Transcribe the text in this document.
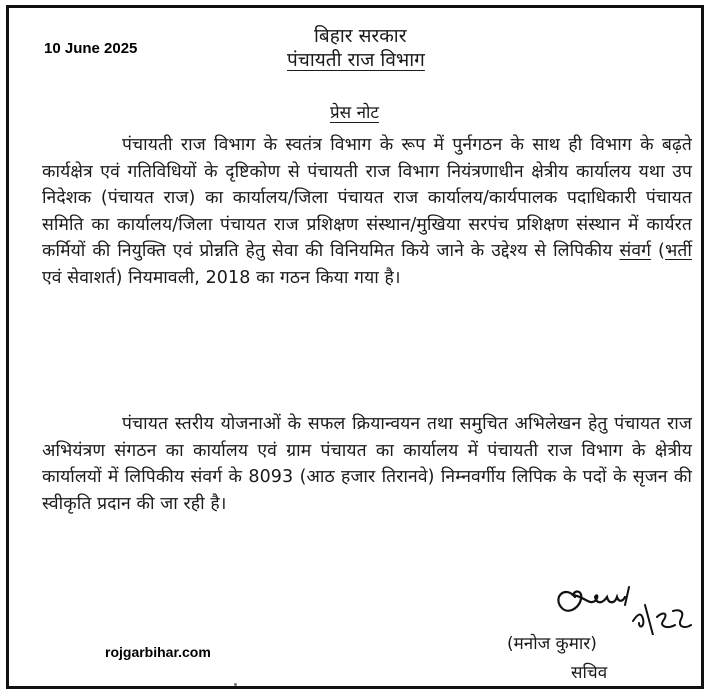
10 June 2025
बिहार सरकार
पंचायती राज विभाग
प्रेस नोट
पंचायती राज विभाग के स्वतंत्र विभाग के रूप में पुर्नगठन के साथ ही विभाग के बढ़ते कार्यक्षेत्र एवं गतिविधियों के दृष्टिकोण से पंचायती राज विभाग नियंत्रणाधीन क्षेत्रीय कार्यालय यथा उप निदेशक (पंचायत राज) का कार्यालय/जिला पंचायत राज कार्यालय/कार्यपालक पदाधिकारी पंचायत समिति का कार्यालय/जिला पंचायत राज प्रशिक्षण संस्थान/मुखिया सरपंच प्रशिक्षण संस्थान में कार्यरत कर्मियों की नियुक्ति एवं प्रोन्नति हेतु सेवा की विनियमित किये जाने के उद्देश्य से लिपिकीय संवर्ग (भर्ती एवं सेवाशर्त) नियमावली, 2018 का गठन किया गया है।
पंचायत स्तरीय योजनाओं के सफल क्रियान्वयन तथा समुचित अभिलेखन हेतु पंचायत राज अभियंत्रण संगठन का कार्यालय एवं ग्राम पंचायत का कार्यालय में पंचायती राज विभाग के क्षेत्रीय कार्यालयों में लिपिकीय संवर्ग के 8093 (आठ हजार तिरानवे) निम्नवर्गीय लिपिक के पदों के सृजन की स्वीकृति प्रदान की जा रही है।
(मनोज कुमार)
सचिव
rojgarbihar.com
